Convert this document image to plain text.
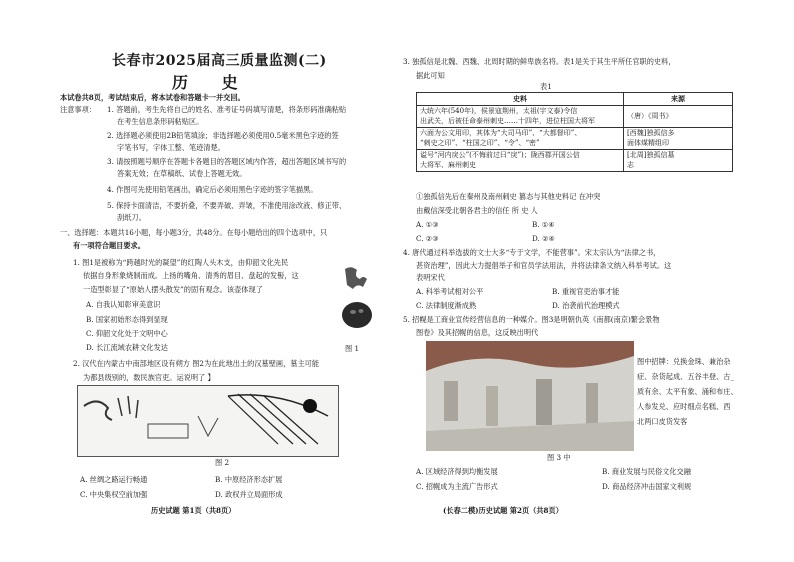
长春市2025届高三质量监测(二)
历 史
本试卷共8页，考试结束后，将本试卷和答题卡一并交回。
注意事项： 1. 答题前，考生先将自己的姓名、准考证号码填写清楚，将条形码准确粘贴
在考生信息条形码粘贴区。
2. 选择题必须使用2B铅笔填涂；非选择题必须使用0.5毫米黑色字迹的签
字笔书写，字体工整、笔迹清楚。
3. 请按照题号顺序在答题卡各题目的答题区域内作答，超出答题区域书写的
答案无效；在草稿纸、试卷上答题无效。
4. 作图可先使用铅笔画出，确定后必须用黑色字迹的签字笔描黑。
5. 保持卡面清洁，不要折叠，不要弄破、弄皱，不准使用涂改液、修正带、
刮纸刀。
一、选择题：本题共16小题，每小题3分，共48分。在每小题给出的四个选项中，只
有一项符合题目要求。
1. 图1是被称为“跨越时光的凝望”的红陶人头木支，由仰韶文化先民
依据自身形象烧制而成。上扬的嘴角、清秀的眉目、盘起的发髻，这
一造型彰显了“原始人摆头散发”的固有观念。该壶体现了
A. 自我认知彰审美意识
B. 国家初始形态得到显现
C. 仰韶文化处于文明中心
D. 长江流域农耕文化发达	图 1
2. 汉代在内蒙古中南部地区设有朔方 图2为在此地出土的汉墓壁画，墓主可能
为都县级别的，数民族官吏。运说明了 】
图 2
A. 丝绸之路运行畅通	B. 中原经济形态扩展
C. 中央集权空前加强	D. 政权并立局面形成
历史试题 第1页（共8页）
3. 独孤信是北魏、西魏、北周时期的鲜卑族名将。表1是关于其生平所任官职的史料，
据此可知
表1
史料	来源
大统六年(540年)，侯景寇荆州，太祖(宇文泰)令信
出武关，后被任命泰州刺史……十四年，进位柱国大将军	（唐）《周书》
六面为公文用印，其体为“大司马印”、“大都督印”、
“刺史之印”、“柱国之印”、“令”、“密”	[西魏]独孤信多
面体煤精组印
谥号“河内戾公”(不悔前过曰“戾”)；陇西郡开国公信
大将军、麻州刺史	[北周]独孤信墓
志
①独孤信先后在秦州及南州刺史 篡态与其他史料记 在冲突
由戴信深受北朝各君主的信任 所 史 人
A. ①③	B. ①④
C. ②③	D. ②④
4. 唐代通过科举选拔的文士大多“专于文学，不能营事”。宋太宗认为“法律之书，
甚资治理”，因此大力提倡举子和官员学法用法，并将法律条文纳入科举考试。这
表明宋代
A. 科举考试相对公平	B. 重视官吏治事才能
C. 法律制度渐成熟	D. 治袭前代治理模式
5. 招幌是工商业宣传经营信息的一种媒介。图3是明朝仇英《南都(南京)繁会景物
图卷》及其招幌的信息，这反映出明代
图中招牌：兑换金珠、兼治杂
症、杂货起成、五谷丰登、古_
质有余、太平有象、涌和布庄、
人参发兑、应时细点名糕、西
北两口皮货发客
图 3 中
A. 区域经济得到均衡发展	B. 商业发展与民俗文化交融
C. 招幌成为主流广告形式	D. 商品经济冲击国家文利规
(长春二模)历史试题 第2页（共8页）
